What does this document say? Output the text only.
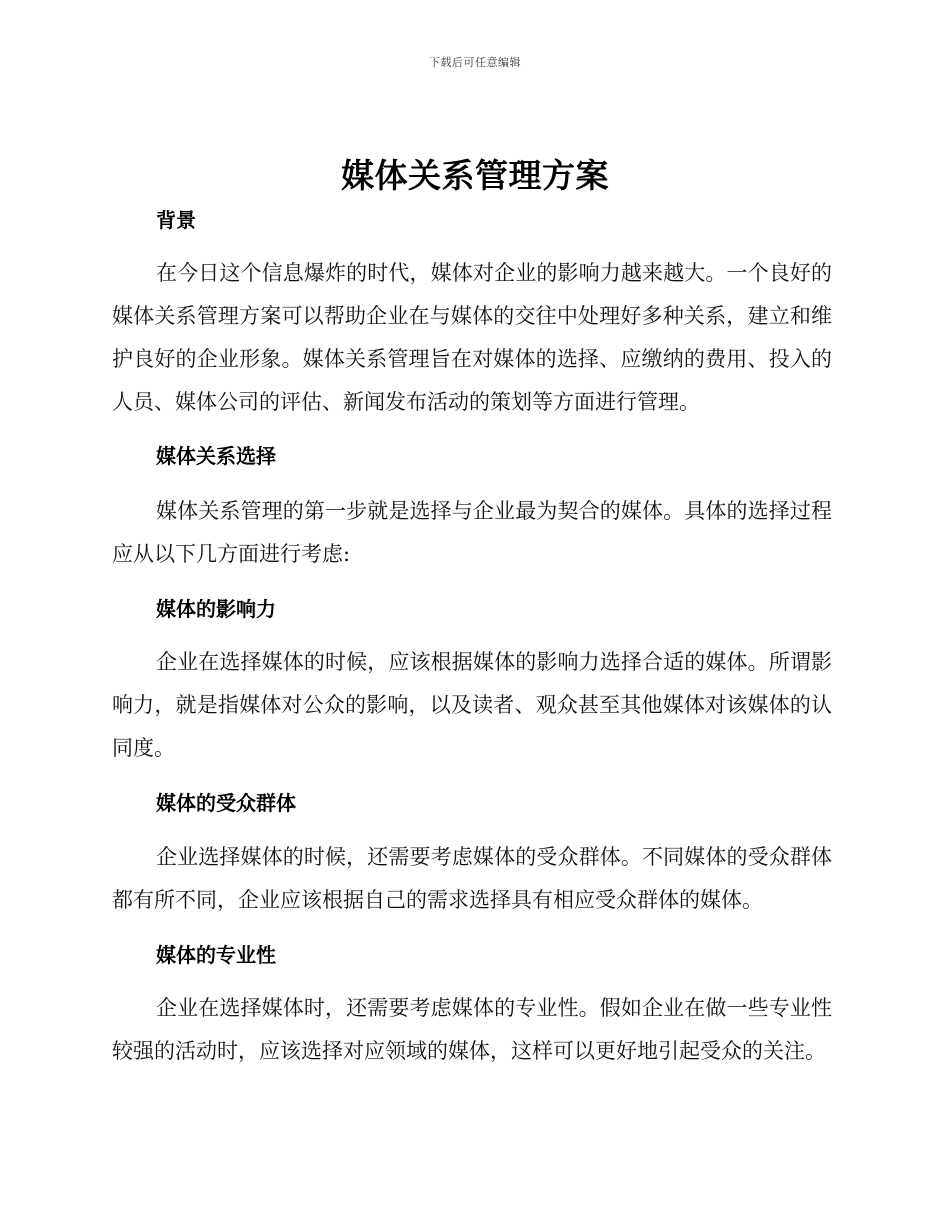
下载后可任意编辑
媒体关系管理方案
背景

在今日这个信息爆炸的时代，媒体对企业的影响力越来越大。一个良好的媒体关系管理方案可以帮助企业在与媒体的交往中处理好多种关系，建立和维护良好的企业形象。媒体关系管理旨在对媒体的选择、应缴纳的费用、投入的人员、媒体公司的评估、新闻发布活动的策划等方面进行管理。

媒体关系选择

媒体关系管理的第一步就是选择与企业最为契合的媒体。具体的选择过程应从以下几方面进行考虑:

媒体的影响力

企业在选择媒体的时候，应该根据媒体的影响力选择合适的媒体。所谓影响力，就是指媒体对公众的影响，以及读者、观众甚至其他媒体对该媒体的认同度。

媒体的受众群体

企业选择媒体的时候，还需要考虑媒体的受众群体。不同媒体的受众群体都有所不同，企业应该根据自己的需求选择具有相应受众群体的媒体。

媒体的专业性

企业在选择媒体时，还需要考虑媒体的专业性。假如企业在做一些专业性较强的活动时，应该选择对应领域的媒体，这样可以更好地引起受众的关注。
